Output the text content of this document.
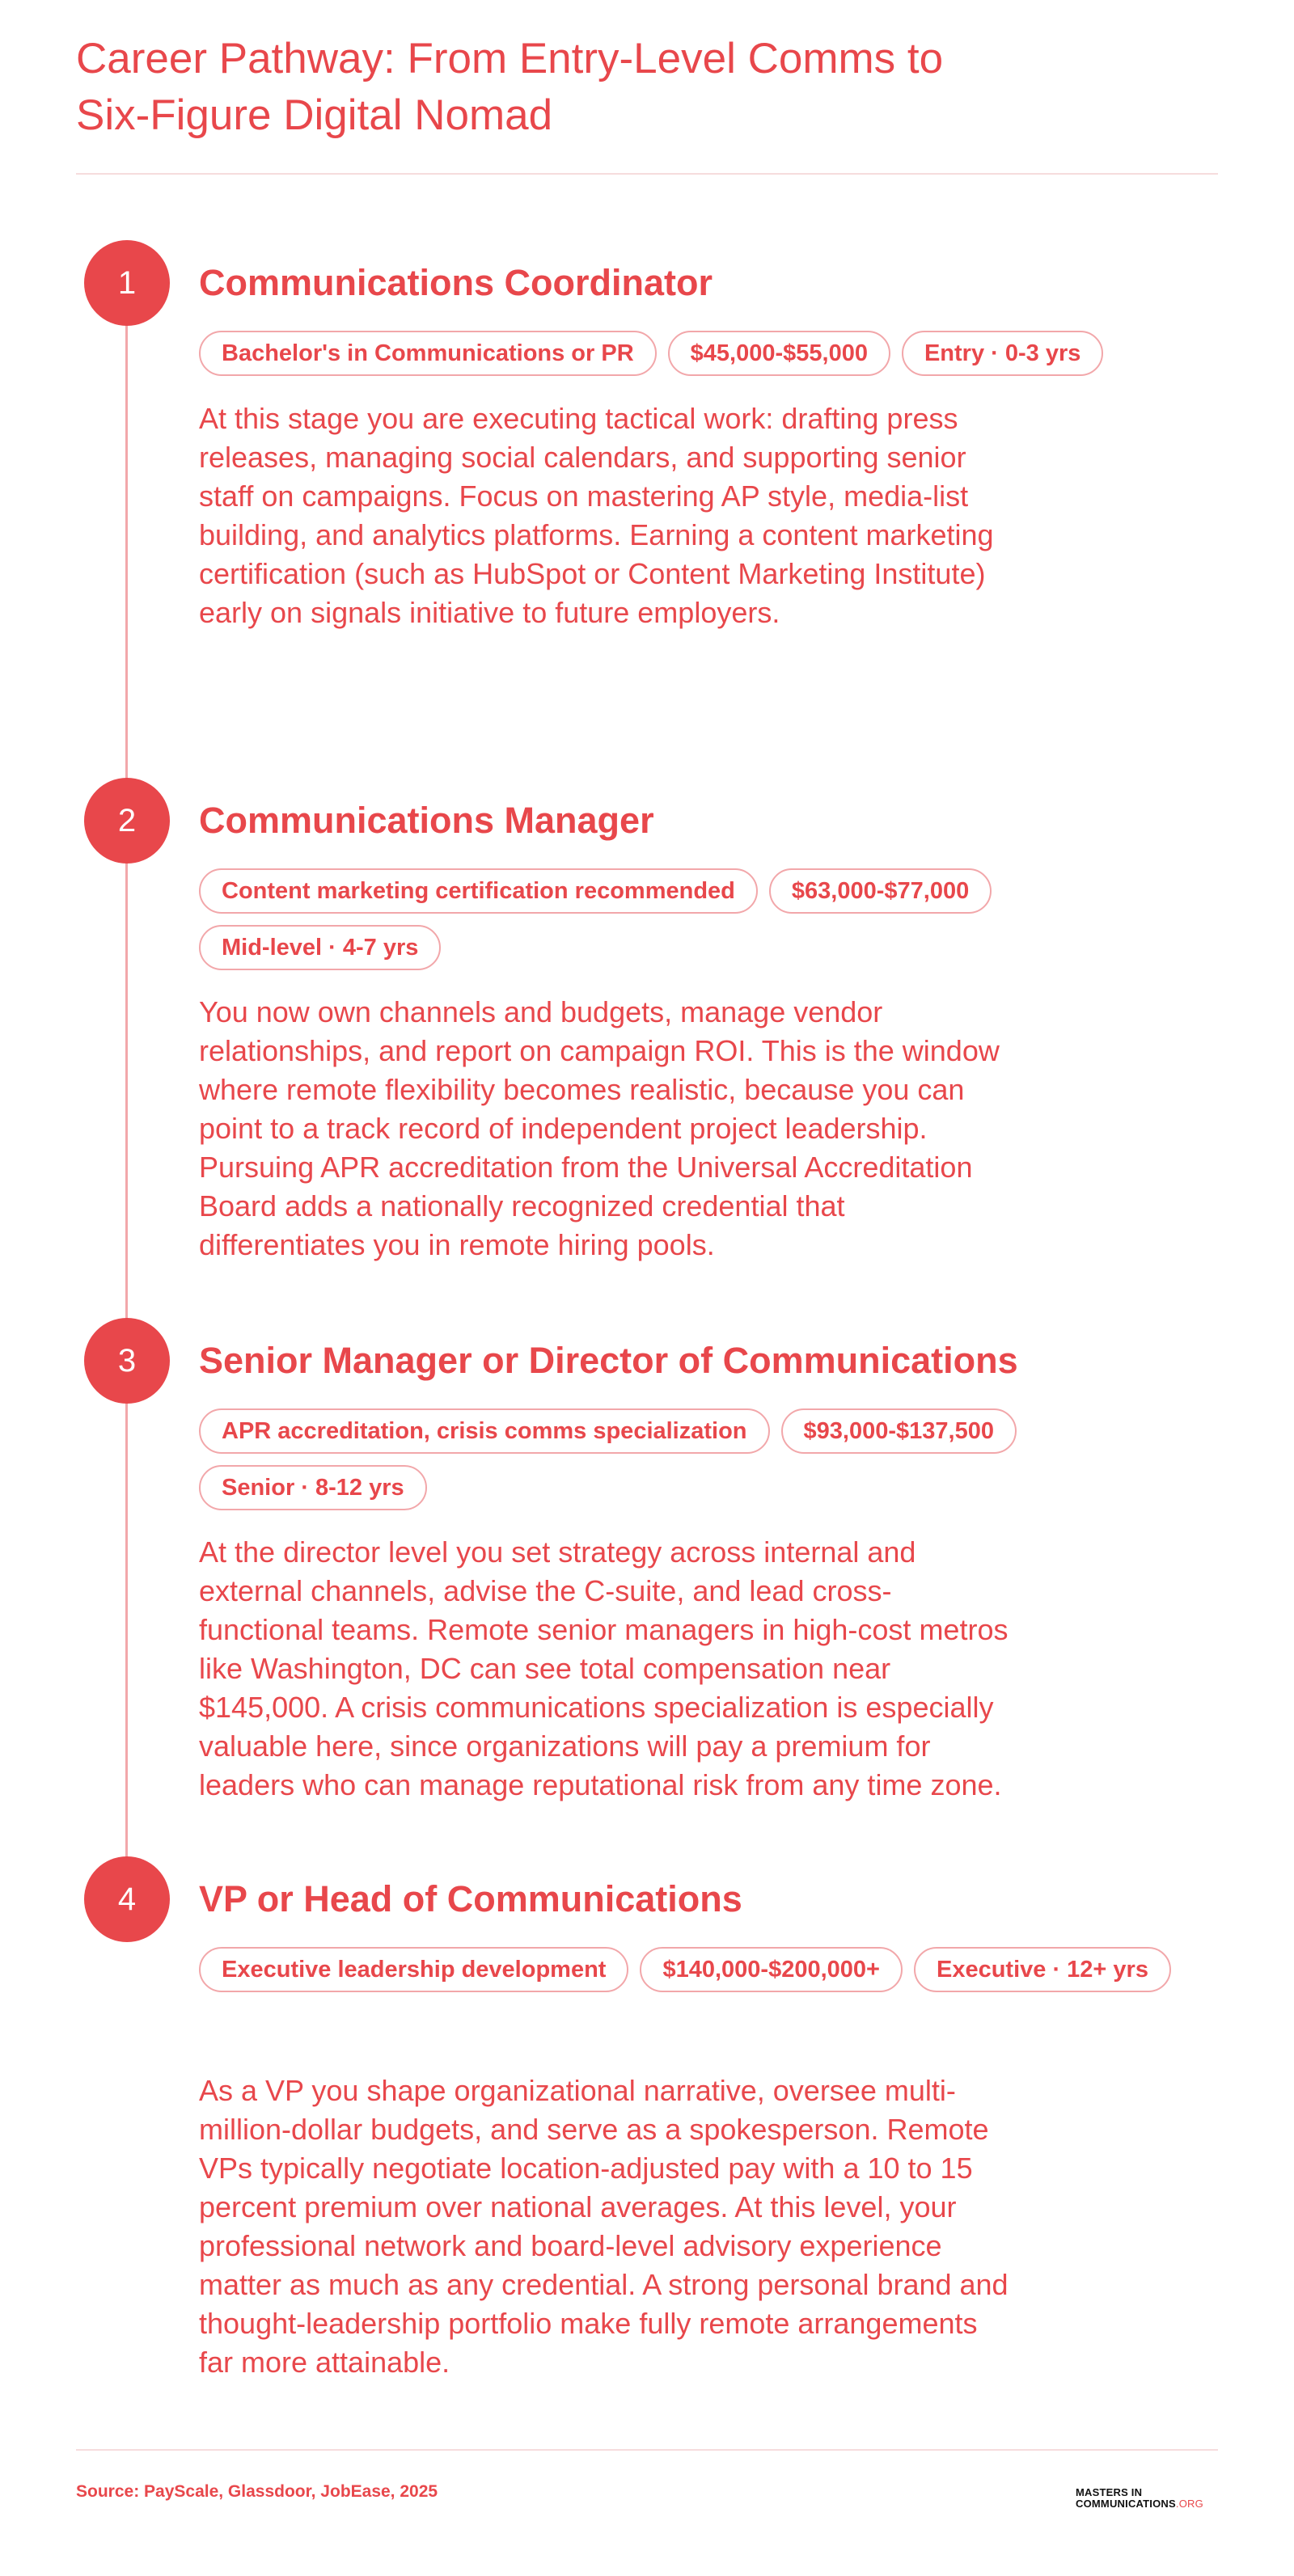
Career Pathway: From Entry-Level Comms to
Six-Figure Digital Nomad
1	Communications Coordinator
Bachelor's in Communications or PR	$45,000-$55,000	Entry · 0-3 yrs

At this stage you are executing tactical work: drafting press releases, managing social calendars, and supporting senior staff on campaigns. Focus on mastering AP style, media-list building, and analytics platforms. Earning a content marketing certification (such as HubSpot or Content Marketing Institute) early on signals initiative to future employers.

2	Communications Manager
Content marketing certification recommended	$63,000-$77,000
Mid-level · 4-7 yrs

You now own channels and budgets, manage vendor relationships, and report on campaign ROI. This is the window where remote flexibility becomes realistic, because you can point to a track record of independent project leadership. Pursuing APR accreditation from the Universal Accreditation Board adds a nationally recognized credential that differentiates you in remote hiring pools.

3	Senior Manager or Director of Communications
APR accreditation, crisis comms specialization	$93,000-$137,500
Senior · 8-12 yrs

At the director level you set strategy across internal and external channels, advise the C-suite, and lead cross-functional teams. Remote senior managers in high-cost metros like Washington, DC can see total compensation near $145,000. A crisis communications specialization is especially valuable here, since organizations will pay a premium for leaders who can manage reputational risk from any time zone.

4	VP or Head of Communications
Executive leadership development	$140,000-$200,000+	Executive · 12+ yrs

As a VP you shape organizational narrative, oversee multi-million-dollar budgets, and serve as a spokesperson. Remote VPs typically negotiate location-adjusted pay with a 10 to 15 percent premium over national averages. At this level, your professional network and board-level advisory experience matter as much as any credential. A strong personal brand and thought-leadership portfolio make fully remote arrangements far more attainable.

Source: PayScale, Glassdoor, JobEase, 2025	MASTERS IN
COMMUNICATIONS.ORG
